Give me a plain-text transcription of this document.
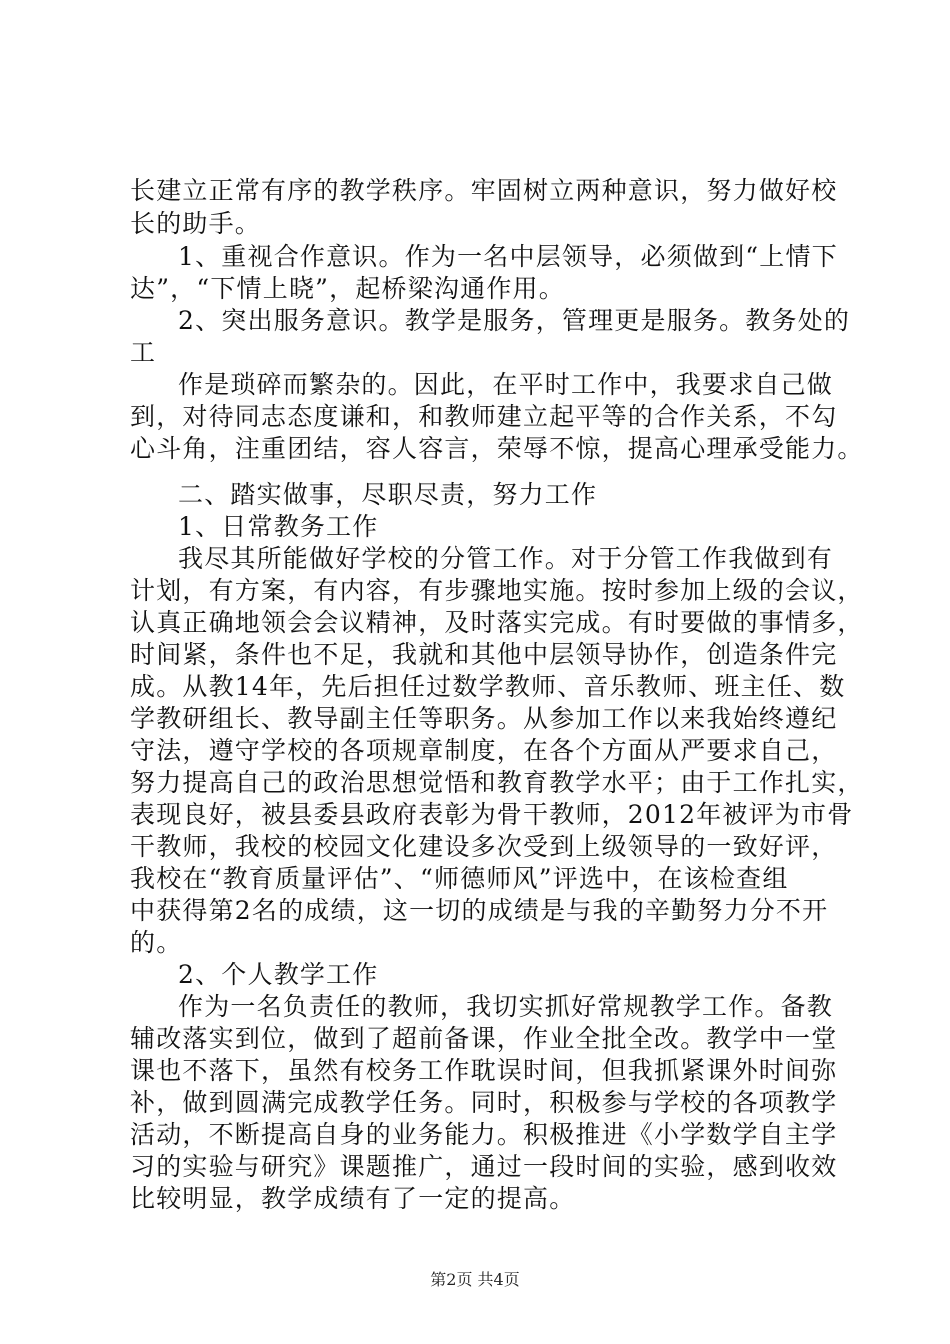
长建立正常有序的教学秩序。牢固树立两种意识，努力做好校
长的助手。
1、重视合作意识。作为一名中层领导，必须做到“上情下
达”，“下情上晓”，起桥梁沟通作用。
2、突出服务意识。教学是服务，管理更是服务。教务处的
工
作是琐碎而繁杂的。因此，在平时工作中，我要求自己做
到，对待同志态度谦和，和教师建立起平等的合作关系，不勾
心斗角，注重团结，容人容言，荣辱不惊，提高心理承受能力。
二、踏实做事，尽职尽责，努力工作
1、日常教务工作
我尽其所能做好学校的分管工作。对于分管工作我做到有
计划，有方案，有内容，有步骤地实施。按时参加上级的会议，
认真正确地领会会议精神，及时落实完成。有时要做的事情多，
时间紧，条件也不足，我就和其他中层领导协作，创造条件完
成。从教14年，先后担任过数学教师、音乐教师、班主任、数
学教研组长、教导副主任等职务。从参加工作以来我始终遵纪
守法，遵守学校的各项规章制度，在各个方面从严要求自己，
努力提高自己的政治思想觉悟和教育教学水平；由于工作扎实，
表现良好，被县委县政府表彰为骨干教师，2012年被评为市骨
干教师，我校的校园文化建设多次受到上级领导的一致好评，
我校在“教育质量评估”、“师德师风”评选中，在该检查组
中获得第2名的成绩，这一切的成绩是与我的辛勤努力分不开
的。
2、个人教学工作
作为一名负责任的教师，我切实抓好常规教学工作。备教
辅改落实到位，做到了超前备课，作业全批全改。教学中一堂
课也不落下，虽然有校务工作耽误时间，但我抓紧课外时间弥
补，做到圆满完成教学任务。同时，积极参与学校的各项教学
活动，不断提高自身的业务能力。积极推进《小学数学自主学
习的实验与研究》课题推广，通过一段时间的实验，感到收效
比较明显，教学成绩有了一定的提高。
第2页 共4页
